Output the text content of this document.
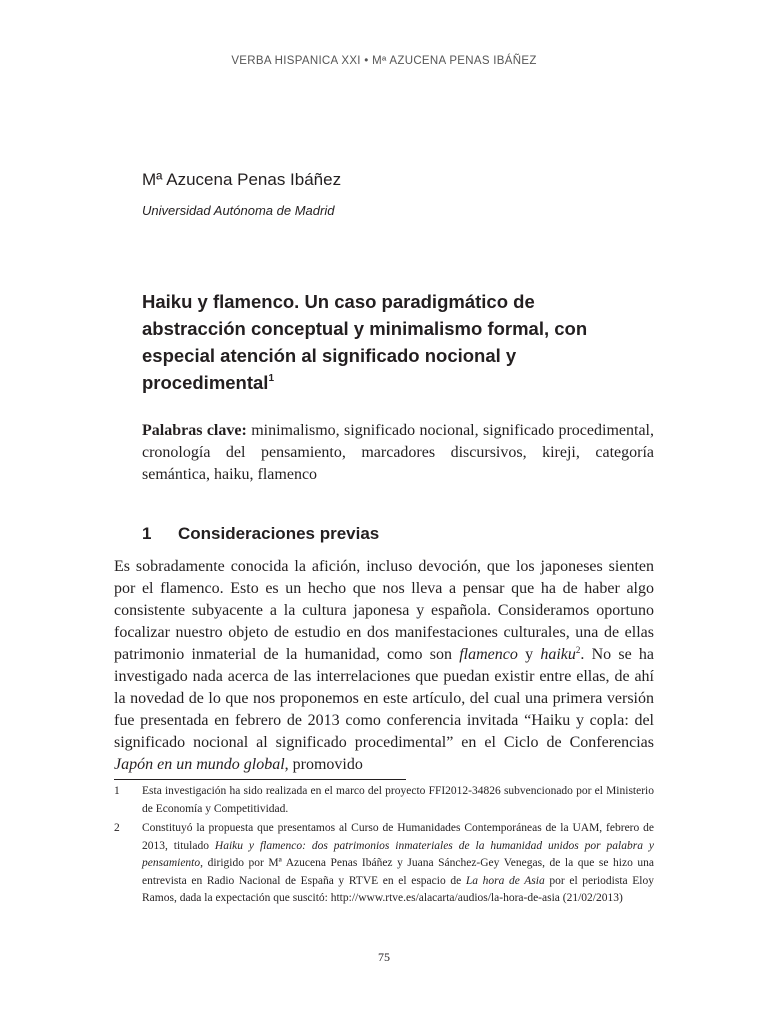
VERBA HISPANICA XXI • Mª AZUCENA PENAS IBÁÑEZ
Mª Azucena Penas Ibáñez
Universidad Autónoma de Madrid
Haiku y flamenco. Un caso paradigmático de abstracción conceptual y minimalismo formal, con especial atención al significado nocional y procedimental$^1$

Palabras clave: minimalismo, significado nocional, significado procedimental, cronología del pensamiento, marcadores discursivos, kireji, categoría semántica, haiku, flamenco

1 Consideraciones previas

Es sobradamente conocida la afición, incluso devoción, que los japoneses sienten por el flamenco. Esto es un hecho que nos lleva a pensar que ha de haber algo consistente subyacente a la cultura japonesa y española. Consideramos oportuno focalizar nuestro objeto de estudio en dos manifestaciones culturales, una de ellas patrimonio inmaterial de la humanidad, como son flamenco y haiku$^2$. No se ha investigado nada acerca de las interrelaciones que puedan existir entre ellas, de ahí la novedad de lo que nos proponemos en este artículo, del cual una primera versión fue presentada en febrero de 2013 como conferencia invitada “Haiku y copla: del significado nocional al significado procedimental” en el Ciclo de Conferencias Japón en un mundo global, promovido

1	Esta investigación ha sido realizada en el marco del proyecto FFI2012-34826 subvencionado por el Ministerio de Economía y Competitividad.
2	Constituyó la propuesta que presentamos al Curso de Humanidades Contemporáneas de la UAM, febrero de 2013, titulado Haiku y flamenco: dos patrimonios inmateriales de la humanidad unidos por palabra y pensamiento, dirigido por Mª Azucena Penas Ibáñez y Juana Sánchez-Gey Venegas, de la que se hizo una entrevista en Radio Nacional de España y RTVE en el espacio de La hora de Asia por el periodista Eloy Ramos, dada la expectación que suscitó: http://www.rtve.es/alacarta/audios/la-hora-de-asia (21/02/2013)
75
